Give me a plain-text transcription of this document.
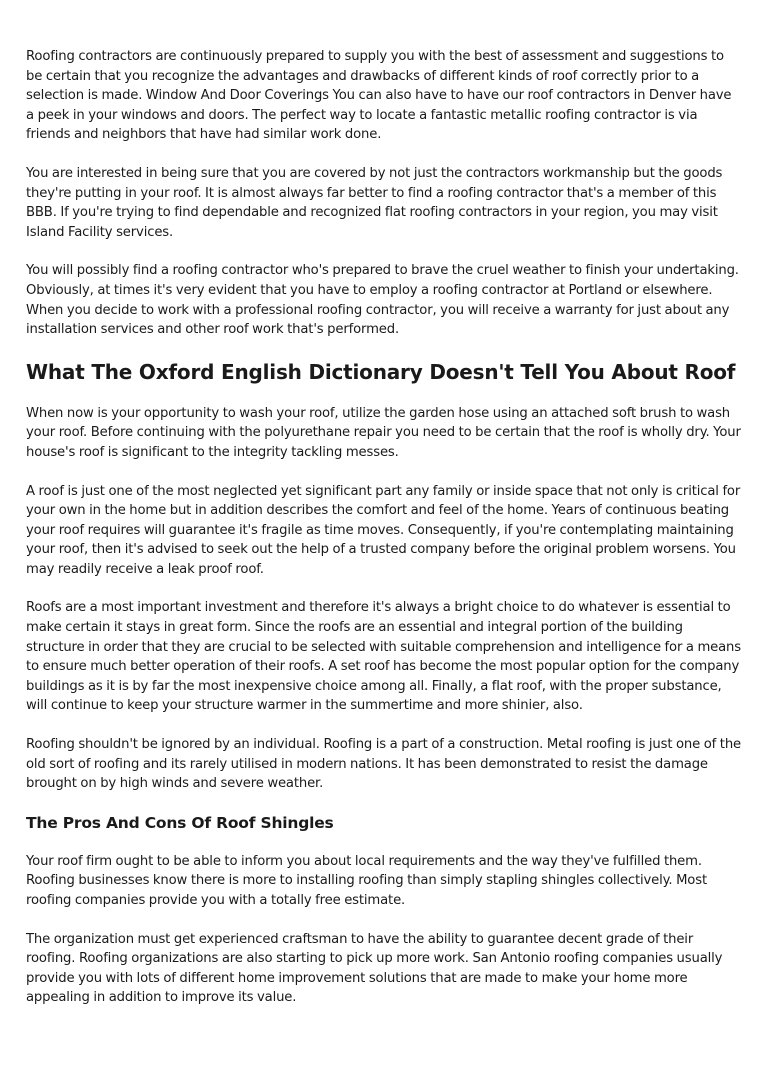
Roofing contractors are continuously prepared to supply you with the best of assessment and suggestions to be certain that you recognize the advantages and drawbacks of different kinds of roof correctly prior to a selection is made. Window And Door Coverings You can also have to have our roof contractors in Denver have a peek in your windows and doors. The perfect way to locate a fantastic metallic roofing contractor is via friends and neighbors that have had similar work done.

You are interested in being sure that you are covered by not just the contractors workmanship but the goods they're putting in your roof. It is almost always far better to find a roofing contractor that's a member of this BBB. If you're trying to find dependable and recognized flat roofing contractors in your region, you may visit Island Facility services.

You will possibly find a roofing contractor who's prepared to brave the cruel weather to finish your undertaking. Obviously, at times it's very evident that you have to employ a roofing contractor at Portland or elsewhere. When you decide to work with a professional roofing contractor, you will receive a warranty for just about any installation services and other roof work that's performed.

What The Oxford English Dictionary Doesn't Tell You About Roof

When now is your opportunity to wash your roof, utilize the garden hose using an attached soft brush to wash your roof. Before continuing with the polyurethane repair you need to be certain that the roof is wholly dry. Your house's roof is significant to the integrity tackling messes.

A roof is just one of the most neglected yet significant part any family or inside space that not only is critical for your own in the home but in addition describes the comfort and feel of the home. Years of continuous beating your roof requires will guarantee it's fragile as time moves. Consequently, if you're contemplating maintaining your roof, then it's advised to seek out the help of a trusted company before the original problem worsens. You may readily receive a leak proof roof.

Roofs are a most important investment and therefore it's always a bright choice to do whatever is essential to make certain it stays in great form. Since the roofs are an essential and integral portion of the building structure in order that they are crucial to be selected with suitable comprehension and intelligence for a means to ensure much better operation of their roofs. A set roof has become the most popular option for the company buildings as it is by far the most inexpensive choice among all. Finally, a flat roof, with the proper substance, will continue to keep your structure warmer in the summertime and more shinier, also.

Roofing shouldn't be ignored by an individual. Roofing is a part of a construction. Metal roofing is just one of the old sort of roofing and its rarely utilised in modern nations. It has been demonstrated to resist the damage brought on by high winds and severe weather.

The Pros And Cons Of Roof Shingles

Your roof firm ought to be able to inform you about local requirements and the way they've fulfilled them. Roofing businesses know there is more to installing roofing than simply stapling shingles collectively. Most roofing companies provide you with a totally free estimate.

The organization must get experienced craftsman to have the ability to guarantee decent grade of their roofing. Roofing organizations are also starting to pick up more work. San Antonio roofing companies usually provide you with lots of different home improvement solutions that are made to make your home more appealing in addition to improve its value.
